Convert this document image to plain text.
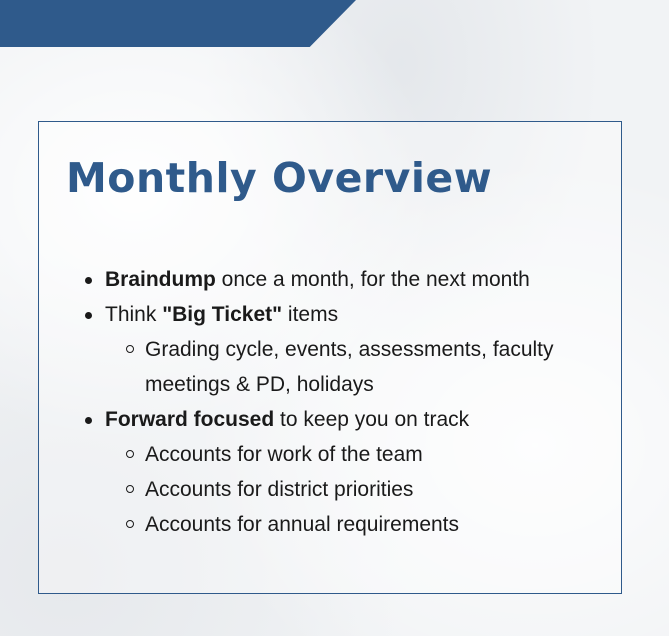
Monthly Overview
Braindump once a month, for the next month
Think "Big Ticket" items
Grading cycle, events, assessments, faculty meetings & PD, holidays
Forward focused to keep you on track
Accounts for work of the team
Accounts for district priorities
Accounts for annual requirements
